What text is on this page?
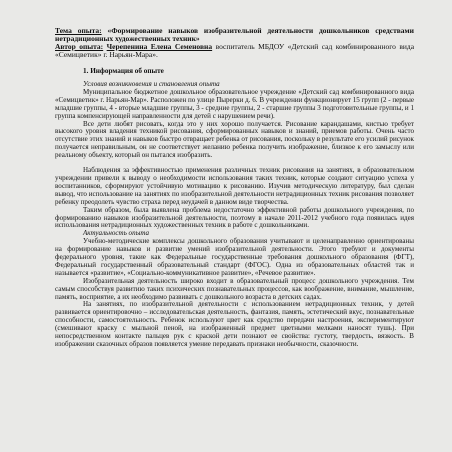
Тема опыта: «Формирование навыков изобразительной деятельности дошкольников средствами нетрадиционных художественных техник»

Автор опыта: Черепенина Елена Семеновна воспитатель МБДОУ «Детский сад комбинированного вида «Семицветик» г. Нарьян-Мара».

1. Информация об опыте
Условия возникновения и становления опыта

Муниципальное бюджетное дошкольное образовательное учреждение «Детский сад комбинированного вида «Семицветик» г. Нарьян-Мар». Расположен по улице Пырерки д. 6. В учреждении функционирует 15 групп (2 - первые младшие группы, 4 - вторые младшие группы, 3 - средние группы, 2 - старшие группы 3 подготовительные группы, и 1 группа компенсирующей направленности для детей с нарушением речи).

Все дети любят рисовать, когда это у них хорошо получается. Рисование карандашами, кистью требует высокого уровня владения техникой рисования, сформированных навыков и знаний, приемов работы. Очень часто отсутствие этих знаний и навыков быстро отвращает ребенка от рисования, поскольку в результате его усилий рисунок получается неправильным, он не соответствует желанию ребенка получить изображение, близкое к его замыслу или реальному объекту, который он пытался изобразить.

Наблюдения за эффективностью применения различных техник рисования на занятиях, в образовательном учреждении привели к выводу о необходимости использования таких техник, которые создают ситуацию успеха у воспитанников, сформируют устойчивую мотивацию к рисованию. Изучив методическую литературу, был сделан вывод, что использование на занятиях по изобразительной деятельности нетрадиционных техник рисования позволяет ребенку преодолеть чувство страха перед неудачей в данном виде творчества.

Таким образом, была выявлена проблема недостаточно эффективной работы дошкольного учреждения, по формированию навыков изобразительной деятельности, поэтому в начале 2011-2012 учебного года появилась идея использования нетрадиционных художественных техник в работе с дошкольниками.

Актуальность опыта

Учебно-методические комплексы дошкольного образования учитывают и целенаправленно ориентированы на формирование навыков и развитие умений изобразительной деятельности. Этого требуют и документы федерального уровня, такие как Федеральные государственные требования дошкольного образования (ФГТ), Федеральный государственный образовательный стандарт (ФГОС). Одна из образовательных областей так и называется «развитие», «Социально-коммуникативное развитие», «Речевое развитие».

Изобразительная деятельность широко входит в образовательный процесс дошкольного учреждения. Тем самым способствуя развитию таких психических познавательных процессов, как воображение, внимание, мышление, память, восприятие, а их необходимо развивать с дошкольного возраста в детских садах.

На занятиях, по изобразительной деятельности с использованием нетрадиционных техник, у детей развивается ориентировочно – исследовательская деятельность, фантазия, память, эстетический вкус, познавательные способности, самостоятельность. Ребенок используют цвет как средство передачи настроения, экспериментируют (смешивают краску с мыльной пеной, на изображенный предмет цветными мелками наносят тушь). При непосредственном контакте пальцев рук с краской дети познают ее свойства: густоту, твердость, вязкость. В изображении сказочных образов появляется умение передавать признаки необычности, сказочности.
